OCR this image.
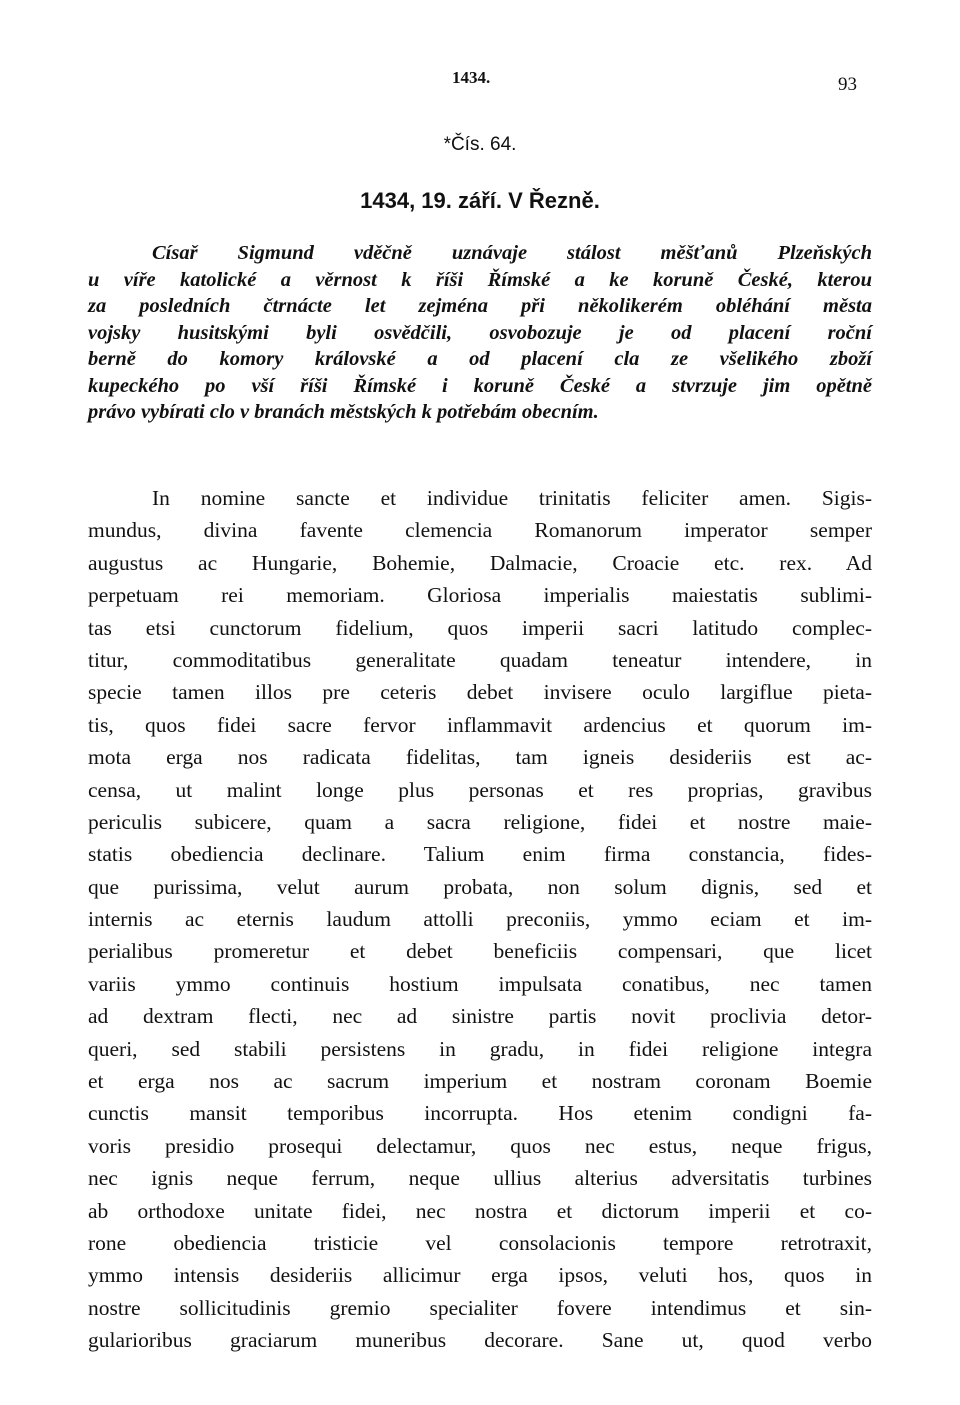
1434.	93
*Čís. 64.
1434, 19. září. V Řezně.
Císař Sigmund vděčně uznávaje stálost měšťanů Plzeňských
u víře katolické a věrnost k říši Římské a ke koruně České, kterou
za posledních čtrnácte let zejména při několikerém obléhání města
vojsky husitskými byli osvědčili, osvobozuje je od placení roční
berně do komory královské a od placení cla ze všelikého zboží
kupeckého po vší říši Římské i koruně České a stvrzuje jim opětně
právo vybírati clo v branách městských k potřebám obecním.
In nomine sancte et individue trinitatis feliciter amen. Sigis-
mundus, divina favente clemencia Romanorum imperator semper
augustus ac Hungarie, Bohemie, Dalmacie, Croacie etc. rex. Ad
perpetuam rei memoriam. Gloriosa imperialis maiestatis sublimi-
tas etsi cunctorum fidelium, quos imperii sacri latitudo complec-
titur, commoditatibus generalitate quadam teneatur intendere, in
specie tamen illos pre ceteris debet invisere oculo largiflue pieta-
tis, quos fidei sacre fervor inflammavit ardencius et quorum im-
mota erga nos radicata fidelitas, tam igneis desideriis est ac-
censa, ut malint longe plus personas et res proprias, gravibus
periculis subicere, quam a sacra religione, fidei et nostre maie-
statis obediencia declinare. Talium enim firma constancia, fides-
que purissima, velut aurum probata, non solum dignis, sed et
internis ac eternis laudum attolli preconiis, ymmo eciam et im-
perialibus promeretur et debet beneficiis compensari, que licet
variis ymmo continuis hostium impulsata conatibus, nec tamen
ad dextram flecti, nec ad sinistre partis novit proclivia detor-
queri, sed stabili persistens in gradu, in fidei religione integra
et erga nos ac sacrum imperium et nostram coronam Boemie
cunctis mansit temporibus incorrupta. Hos etenim condigni fa-
voris presidio prosequi delectamur, quos nec estus, neque frigus,
nec ignis neque ferrum, neque ullius alterius adversitatis turbines
ab orthodoxe unitate fidei, nec nostra et dictorum imperii et co-
rone obediencia tristicie vel consolacionis tempore retrotraxit,
ymmo intensis desideriis allicimur erga ipsos, veluti hos, quos in
nostre sollicitudinis gremio specialiter fovere intendimus et sin-
gularioribus graciarum muneribus decorare. Sane ut, quod verbo
